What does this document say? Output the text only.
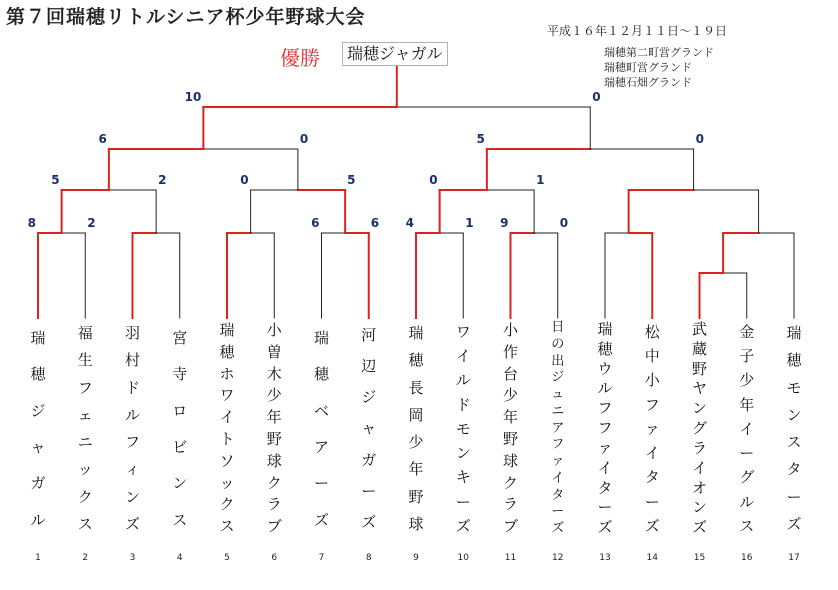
8	2	6	6 4	1 9	0
5	2	0	5	0	1
6	0	5	0
10	0
第７回瑞穂リトルシニア杯少年野球大会
優勝	瑞穂ジャガル
平成１６年１２月１１日～１９日
瑞穂第二町営グランド
瑞穂町営グランド
瑞穂石畑グランド
瑞
穂
ジ
ャ
ガ
ル
1
福
生
フ
ェ
ニ
ッ
ク
ス
2
羽
村
ド
ル
フ
ィ
ン
ズ
3
宮
寺
ロ
ビ
ン
ス
4
瑞
穂
ホ
ワ
イ
ト
ソ
ッ
ク
ス
5
小
曽
木
少
年
野
球
ク
ラ
ブ
6
瑞
穂
ベ
ア
ー
ズ
7
河
辺
ジ
ャ
ガ
ー
ズ
8
瑞
穂
長
岡
少
年
野
球
9
ワ
イ
ル
ド
モ
ン
キ
ー
ズ
10
小
作
台
少
年
野
球
ク
ラ
ブ
11
日
の
出
ジ
ュ
ニ
ア
フ
ァ
イ
タ
ー
ズ
12
瑞
穂
ウ
ル
フ
フ
ァ
イ
タ
ー
ズ
13
松
中
小
フ
ァ
イ
タ
ー
ズ
14
武
蔵
野
ヤ
ン
グ
ラ
イ
オ
ン
ズ
15
金
子
少
年
イ
ー
グ
ル
ス
16
瑞
穂
モ
ン
ス
タ
ー
ズ
17
